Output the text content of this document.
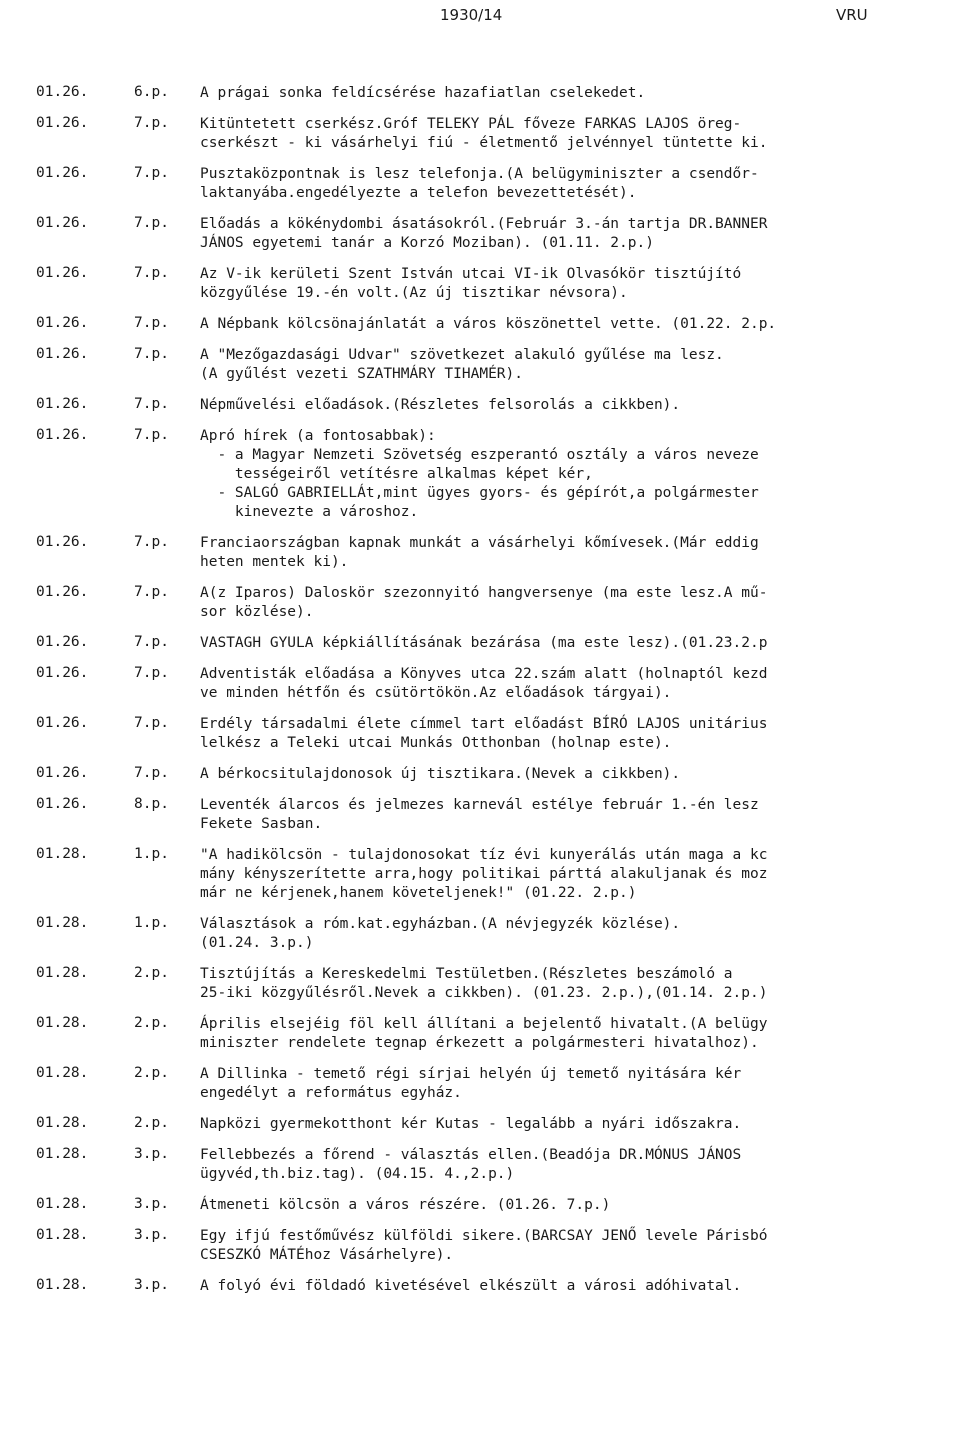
1930/14	VRU
01.26.	6.p.	A prágai sonka feldícsérése hazafiatlan cselekedet.
01.26.	7.p.	Kitüntetett cserkész.Gróf TELEKY PÁL főveze FARKAS LAJOS öreg-
cserkészt - ki vásárhelyi fiú - életmentő jelvénnyel tüntette ki.
01.26.	7.p.	Pusztaközpontnak is lesz telefonja.(A belügyminiszter a csendőr-
laktanyába.engedélyezte a telefon bevezettetését).
01.26.	7.p.	Előadás a kökénydombi ásatásokról.(Február 3.-án tartja DR.BANNER
JÁNOS egyetemi tanár a Korzó Moziban). (01.11. 2.p.)
01.26.	7.p.	Az V-ik kerületi Szent István utcai VI-ik Olvasókör tisztújító
közgyűlése 19.-én volt.(Az új tisztikar névsora).
01.26.	7.p.	A Népbank kölcsönajánlatát a város köszönettel vette. (01.22. 2.p.
01.26.	7.p.	A "Mezőgazdasági Udvar" szövetkezet alakuló gyűlése ma lesz.
(A gyűlést vezeti SZATHMÁRY TIHAMÉR).
01.26.	7.p.	Népművelési előadások.(Részletes felsorolás a cikkben).
01.26.	7.p.	Apró hírek (a fontosabbak):
- a Magyar Nemzeti Szövetség eszperantó osztály a város neveze
tességeiről vetítésre alkalmas képet kér,
- SALGÓ GABRIELLÁt,mint ügyes gyors- és gépírót,a polgármester
kinevezte a városhoz.
01.26.	7.p.	Franciaországban kapnak munkát a vásárhelyi kőmívesek.(Már eddig
heten mentek ki).
01.26.	7.p.	A(z Iparos) Daloskör szezonnyitó hangversenye (ma este lesz.A mű-
sor közlése).
01.26.	7.p.	VASTAGH GYULA képkiállításának bezárása (ma este lesz).(01.23.2.p
01.26.	7.p.	Adventisták előadása a Könyves utca 22.szám alatt (holnaptól kezd
ve minden hétfőn és csütörtökön.Az előadások tárgyai).
01.26.	7.p.	Erdély társadalmi élete címmel tart előadást BÍRÓ LAJOS unitárius
lelkész a Teleki utcai Munkás Otthonban (holnap este).
01.26.	7.p.	A bérkocsitulajdonosok új tisztikara.(Nevek a cikkben).
01.26.	8.p.	Leventék álarcos és jelmezes karnevál estélye február 1.-én lesz
Fekete Sasban.
01.28.	1.p.	"A hadikölcsön - tulajdonosokat tíz évi kunyerálás után maga a kc
mány kényszerítette arra,hogy politikai párttá alakuljanak és moz
már ne kérjenek,hanem követeljenek!" (01.22. 2.p.)
01.28.	1.p.	Választások a róm.kat.egyházban.(A névjegyzék közlése).
(01.24. 3.p.)
01.28.	2.p.	Tisztújítás a Kereskedelmi Testületben.(Részletes beszámoló a
25-iki közgyűlésről.Nevek a cikkben). (01.23. 2.p.),(01.14. 2.p.)
01.28.	2.p.	Április elsejéig föl kell állítani a bejelentő hivatalt.(A belügy
miniszter rendelete tegnap érkezett a polgármesteri hivatalhoz).
01.28.	2.p.	A Dillinka - temető régi sírjai helyén új temető nyitására kér
engedélyt a református egyház.
01.28.	2.p.	Napközi gyermekotthont kér Kutas - legalább a nyári időszakra.
01.28.	3.p.	Fellebbezés a főrend - választás ellen.(Beadója DR.MÓNUS JÁNOS
ügyvéd,th.biz.tag). (04.15. 4.,2.p.)
01.28.	3.p.	Átmeneti kölcsön a város részére. (01.26. 7.p.)
01.28.	3.p.	Egy ifjú festőművész külföldi sikere.(BARCSAY JENŐ levele Párisbó
CSESZKÓ MÁTÉhoz Vásárhelyre).
01.28.	3.p.	A folyó évi földadó kivetésével elkészült a városi adóhivatal.
